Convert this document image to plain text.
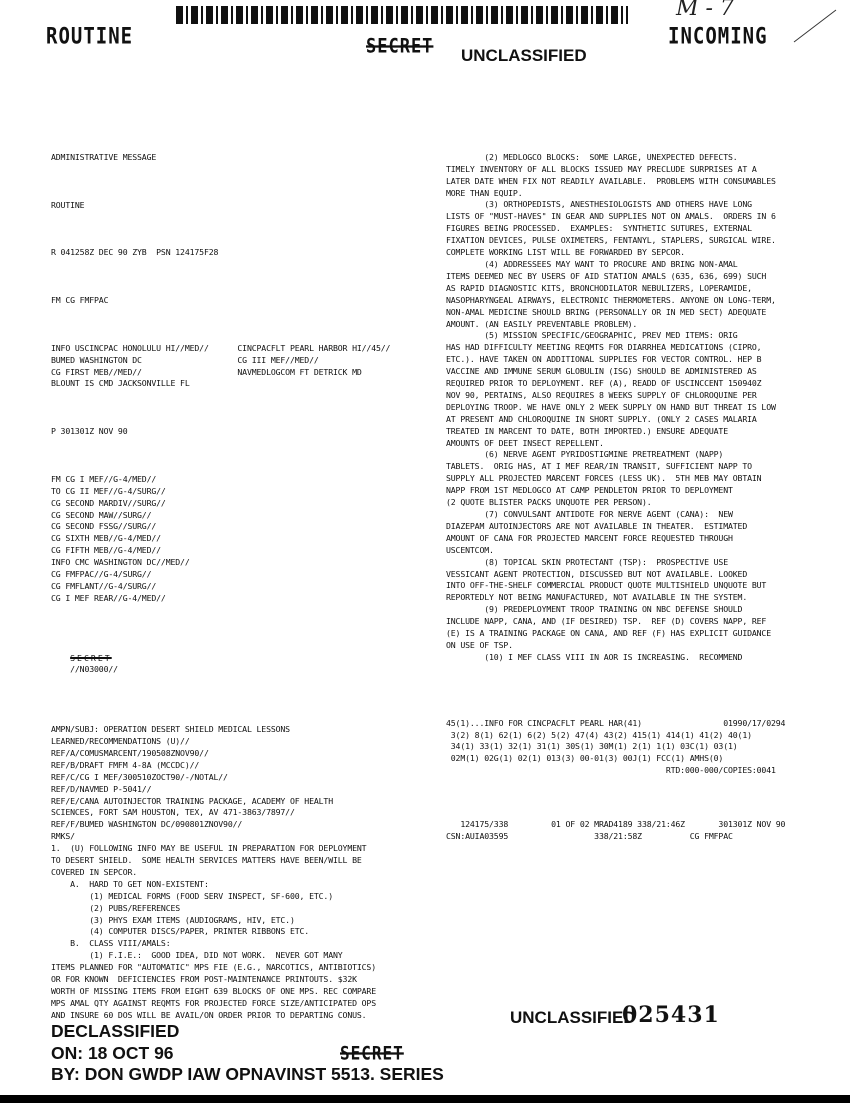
ROUTINE	INCOMING
SECRET UNCLASSIFIED
M - 7

ADMINISTRATIVE MESSAGE

ROUTINE

R 041258Z DEC 90 ZYB  PSN 124175F28

FM CG FMFPAC

INFO USCINCPAC HONOLULU HI//MED//      CINCPACFLT PEARL HARBOR HI//45//
BUMED WASHINGTON DC                    CG III MEF//MED//
CG FIRST MEB//MED//                    NAVMEDLOGCOM FT DETRICK MD
BLOUNT IS CMD JACKSONVILLE FL

P 301301Z NOV 90

FM CG I MEF//G-4/MED//
TO CG II MEF//G-4/SURG//
CG SECOND MARDIV//SURG//
CG SECOND MAW//SURG//
CG SECOND FSSG//SURG//
CG SIXTH MEB//G-4/MED//
CG FIFTH MEB//G-4/MED//
INFO CMC WASHINGTON DC//MED//
CG FMFPAC//G-4/SURG//
CG FMFLANT//G-4/SURG//
CG I MEF REAR//G-4/MED//

SECRET
//N03000//

AMPN/SUBJ: OPERATION DESERT SHIELD MEDICAL LESSONS
LEARNED/RECOMMENDATIONS (U)//
REF/A/COMUSMARCENT/190508ZNOV90//
REF/B/DRAFT FMFM 4-8A (MCCDC)//
REF/C/CG I MEF/300510ZOCT90/-/NOTAL//
REF/D/NAVMED P-5041//
REF/E/CANA AUTOINJECTOR TRAINING PACKAGE, ACADEMY OF HEALTH
SCIENCES, FORT SAM HOUSTON, TEX, AV 471-3863/7897//
REF/F/BUMED WASHINGTON DC/090801ZNOV90//
RMKS/
1.  (U) FOLLOWING INFO MAY BE USEFUL IN PREPARATION FOR DEPLOYMENT
TO DESERT SHIELD.  SOME HEALTH SERVICES MATTERS HAVE BEEN/WILL BE
COVERED IN SEPCOR.
A.  HARD TO GET NON-EXISTENT:
(1) MEDICAL FORMS (FOOD SERV INSPECT, SF-600, ETC.)
(2) PUBS/REFERENCES
(3) PHYS EXAM ITEMS (AUDIOGRAMS, HIV, ETC.)
(4) COMPUTER DISCS/PAPER, PRINTER RIBBONS ETC.
B.  CLASS VIII/AMALS:
(1) F.I.E.:  GOOD IDEA, DID NOT WORK.  NEVER GOT MANY
ITEMS PLANNED FOR "AUTOMATIC" MPS FIE (E.G., NARCOTICS, ANTIBIOTICS)
OR FOR KNOWN  DEFICIENCIES FROM POST-MAINTENANCE PRINTOUTS. $32K
WORTH OF MISSING ITEMS FROM EIGHT 639 BLOCKS OF ONE MPS. REC COMPARE
MPS AMAL QTY AGAINST REQMTS FOR PROJECTED FORCE SIZE/ANTICIPATED OPS
AND INSURE 60 DOS WILL BE AVAIL/ON ORDER PRIOR TO DEPARTING CONUS.

(2) MEDLOGCO BLOCKS:  SOME LARGE, UNEXPECTED DEFECTS.
TIMELY INVENTORY OF ALL BLOCKS ISSUED MAY PRECLUDE SURPRISES AT A
LATER DATE WHEN FIX NOT READILY AVAILABLE.  PROBLEMS WITH CONSUMABLES
MORE THAN EQUIP.
(3) ORTHOPEDISTS, ANESTHESIOLOGISTS AND OTHERS HAVE LONG
LISTS OF "MUST-HAVES" IN GEAR AND SUPPLIES NOT ON AMALS.  ORDERS IN 6
FIGURES BEING PROCESSED.  EXAMPLES:  SYNTHETIC SUTURES, EXTERNAL
FIXATION DEVICES, PULSE OXIMETERS, FENTANYL, STAPLERS, SURGICAL WIRE.
COMPLETE WORKING LIST WILL BE FORWARDED BY SEPCOR.
(4) ADDRESSEES MAY WANT TO PROCURE AND BRING NON-AMAL
ITEMS DEEMED NEC BY USERS OF AID STATION AMALS (635, 636, 699) SUCH
AS RAPID DIAGNOSTIC KITS, BRONCHODILATOR NEBULIZERS, LOPERAMIDE,
NASOPHARYNGEAL AIRWAYS, ELECTRONIC THERMOMETERS. ANYONE ON LONG-TERM,
NON-AMAL MEDICINE SHOULD BRING (PERSONALLY OR IN MED SECT) ADEQUATE
AMOUNT. (AN EASILY PREVENTABLE PROBLEM).
(5) MISSION SPECIFIC/GEOGRAPHIC, PREV MED ITEMS: ORIG
HAS HAD DIFFICULTY MEETING REQMTS FOR DIARRHEA MEDICATIONS (CIPRO,
ETC.). HAVE TAKEN ON ADDITIONAL SUPPLIES FOR VECTOR CONTROL. HEP B
VACCINE AND IMMUNE SERUM GLOBULIN (ISG) SHOULD BE ADMINISTERED AS
REQUIRED PRIOR TO DEPLOYMENT. REF (A), READD OF USCINCCENT 150940Z
NOV 90, PERTAINS, ALSO REQUIRES 8 WEEKS SUPPLY OF CHLOROQUINE PER
DEPLOYING TROOP. WE HAVE ONLY 2 WEEK SUPPLY ON HAND BUT THREAT IS LOW
AT PRESENT AND CHLOROQUINE IN SHORT SUPPLY. (ONLY 2 CASES MALARIA
TREATED IN MARCENT TO DATE, BOTH IMPORTED.) ENSURE ADEQUATE
AMOUNTS OF DEET INSECT REPELLENT.
(6) NERVE AGENT PYRIDOSTIGMINE PRETREATMENT (NAPP)
TABLETS.  ORIG HAS, AT I MEF REAR/IN TRANSIT, SUFFICIENT NAPP TO
SUPPLY ALL PROJECTED MARCENT FORCES (LESS UK).  5TH MEB MAY OBTAIN
NAPP FROM 1ST MEDLOGCO AT CAMP PENDLETON PRIOR TO DEPLOYMENT
(2 QUOTE BLISTER PACKS UNQUOTE PER PERSON).
(7) CONVULSANT ANTIDOTE FOR NERVE AGENT (CANA):  NEW
DIAZEPAM AUTOINJECTORS ARE NOT AVAILABLE IN THEATER.  ESTIMATED
AMOUNT OF CANA FOR PROJECTED MARCENT FORCE REQUESTED THROUGH
USCENTCOM.
(8) TOPICAL SKIN PROTECTANT (TSP):  PROSPECTIVE USE
VESSICANT AGENT PROTECTION, DISCUSSED BUT NOT AVAILABLE. LOOKED
INTO OFF-THE-SHELF COMMERCIAL PRODUCT QUOTE MULTISHIELD UNQUOTE BUT
REPORTEDLY NOT BEING MANUFACTURED, NOT AVAILABLE IN THE SYSTEM.
(9) PREDEPLOYMENT TROOP TRAINING ON NBC DEFENSE SHOULD
INCLUDE NAPP, CANA, AND (IF DESIRED) TSP.  REF (D) COVERS NAPP, REF
(E) IS A TRAINING PACKAGE ON CANA, AND REF (F) HAS EXPLICIT GUIDANCE
ON USE OF TSP.
(10) I MEF CLASS VIII IN AOR IS INCREASING.  RECOMMEND

45(1)...INFO FOR CINCPACFLT PEARL HAR(41)                 01990/17/0294
3(2) 8(1) 62(1) 6(2) 5(2) 47(4) 43(2) 415(1) 414(1) 41(2) 40(1)
34(1) 33(1) 32(1) 31(1) 30S(1) 30M(1) 2(1) 1(1) 03C(1) 03(1)
02M(1) 02G(1) 02(1) 013(3) 00-01(3) 00J(1) FCC(1) AMHS(0)
RTD:000-000/COPIES:0041

124175/338         01 OF 02 MRAD4189 338/21:46Z       301301Z NOV 90
CSN:AUIA03595                  338/21:58Z          CG FMFPAC

UNCLASSIFIED
025431
DECLASSIFIED
ON: 18 OCT 96	SECRET
BY: DON GWDP IAW OPNAVINST 5513. SERIES
